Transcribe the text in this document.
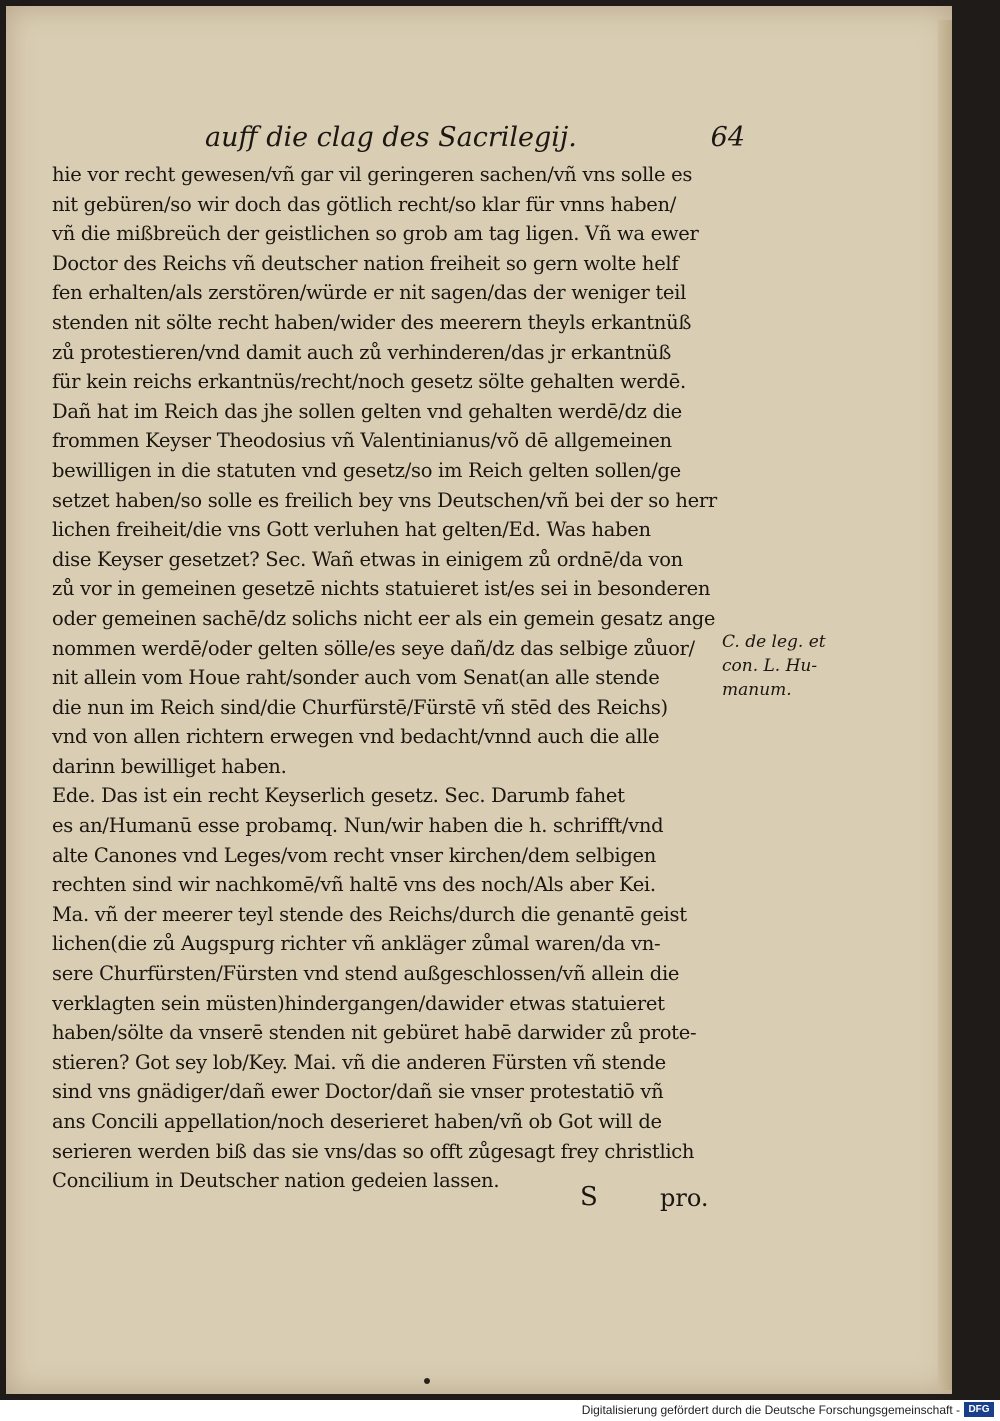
auff die clag des Sacrilegij.	64
hie vor recht gewesen/vñ gar vil geringeren sachen/vñ vns solle es
nit gebüren/so wir doch das götlich recht/so klar für vnns haben/
vñ die mißbreüch der geistlichen so grob am tag ligen. Vñ wa ewer
Doctor des Reichs vñ deutscher nation freiheit so gern wolte helf
fen erhalten/als zerstören/würde er nit sagen/das der weniger teil
stenden nit sölte recht haben/wider des meerern theyls erkantnüß
zů protestieren/vnd damit auch zů verhinderen/das jr erkantnüß
für kein reichs erkantnüs/recht/noch gesetz sölte gehalten werdē.
Dañ hat im Reich das jhe sollen gelten vnd gehalten werdē/dz die
frommen Keyser Theodosius vñ Valentinianus/võ dē allgemeinen
bewilligen in die statuten vnd gesetz/so im Reich gelten sollen/ge
setzet haben/so solle es freilich bey vns Deutschen/vñ bei der so herr
lichen freiheit/die vns Gott verluhen hat gelten/Ed. Was haben
dise Keyser gesetzet? Sec. Wañ etwas in einigem zů ordnē/da von
zů vor in gemeinen gesetzē nichts statuieret ist/es sei in besonderen
oder gemeinen sachē/dz solichs nicht eer als ein gemein gesatz ange
nommen werdē/oder gelten sölle/es seye dañ/dz das selbige zůuor/
nit allein vom Houe raht/sonder auch vom Senat(an alle stende
die nun im Reich sind/die Churfürstē/Fürstē vñ stēd des Reichs)
vnd von allen richtern erwegen vnd bedacht/vnnd auch die alle
darinn bewilliget haben.
Ede. Das ist ein recht Keyserlich gesetz. Sec. Darumb fahet
es an/Humanū esse probamq. Nun/wir haben die h. schrifft/vnd
alte Canones vnd Leges/vom recht vnser kirchen/dem selbigen
rechten sind wir nachkomē/vñ haltē vns des noch/Als aber Kei.
Ma. vñ der meerer teyl stende des Reichs/durch die genantē geist
lichen(die zů Augspurg richter vñ ankläger zůmal waren/da vn-
sere Churfürsten/Fürsten vnd stend außgeschlossen/vñ allein die
verklagten sein müsten)hindergangen/dawider etwas statuieret
haben/sölte da vnserē stenden nit gebüret habē darwider zů prote-
stieren? Got sey lob/Key. Mai. vñ die anderen Fürsten vñ stende
sind vns gnädiger/dañ ewer Doctor/dañ sie vnser protestatiō vñ
ans Concili appellation/noch deserieret haben/vñ ob Got will de
serieren werden biß das sie vns/das so offt zůgesagt frey christlich
Concilium in Deutscher nation gedeien lassen.
C. de leg. et
con. L. Hu-
manum.
S	pro.
Digitalisierung gefördert durch die Deutsche Forschungsgemeinschaft - DFG
